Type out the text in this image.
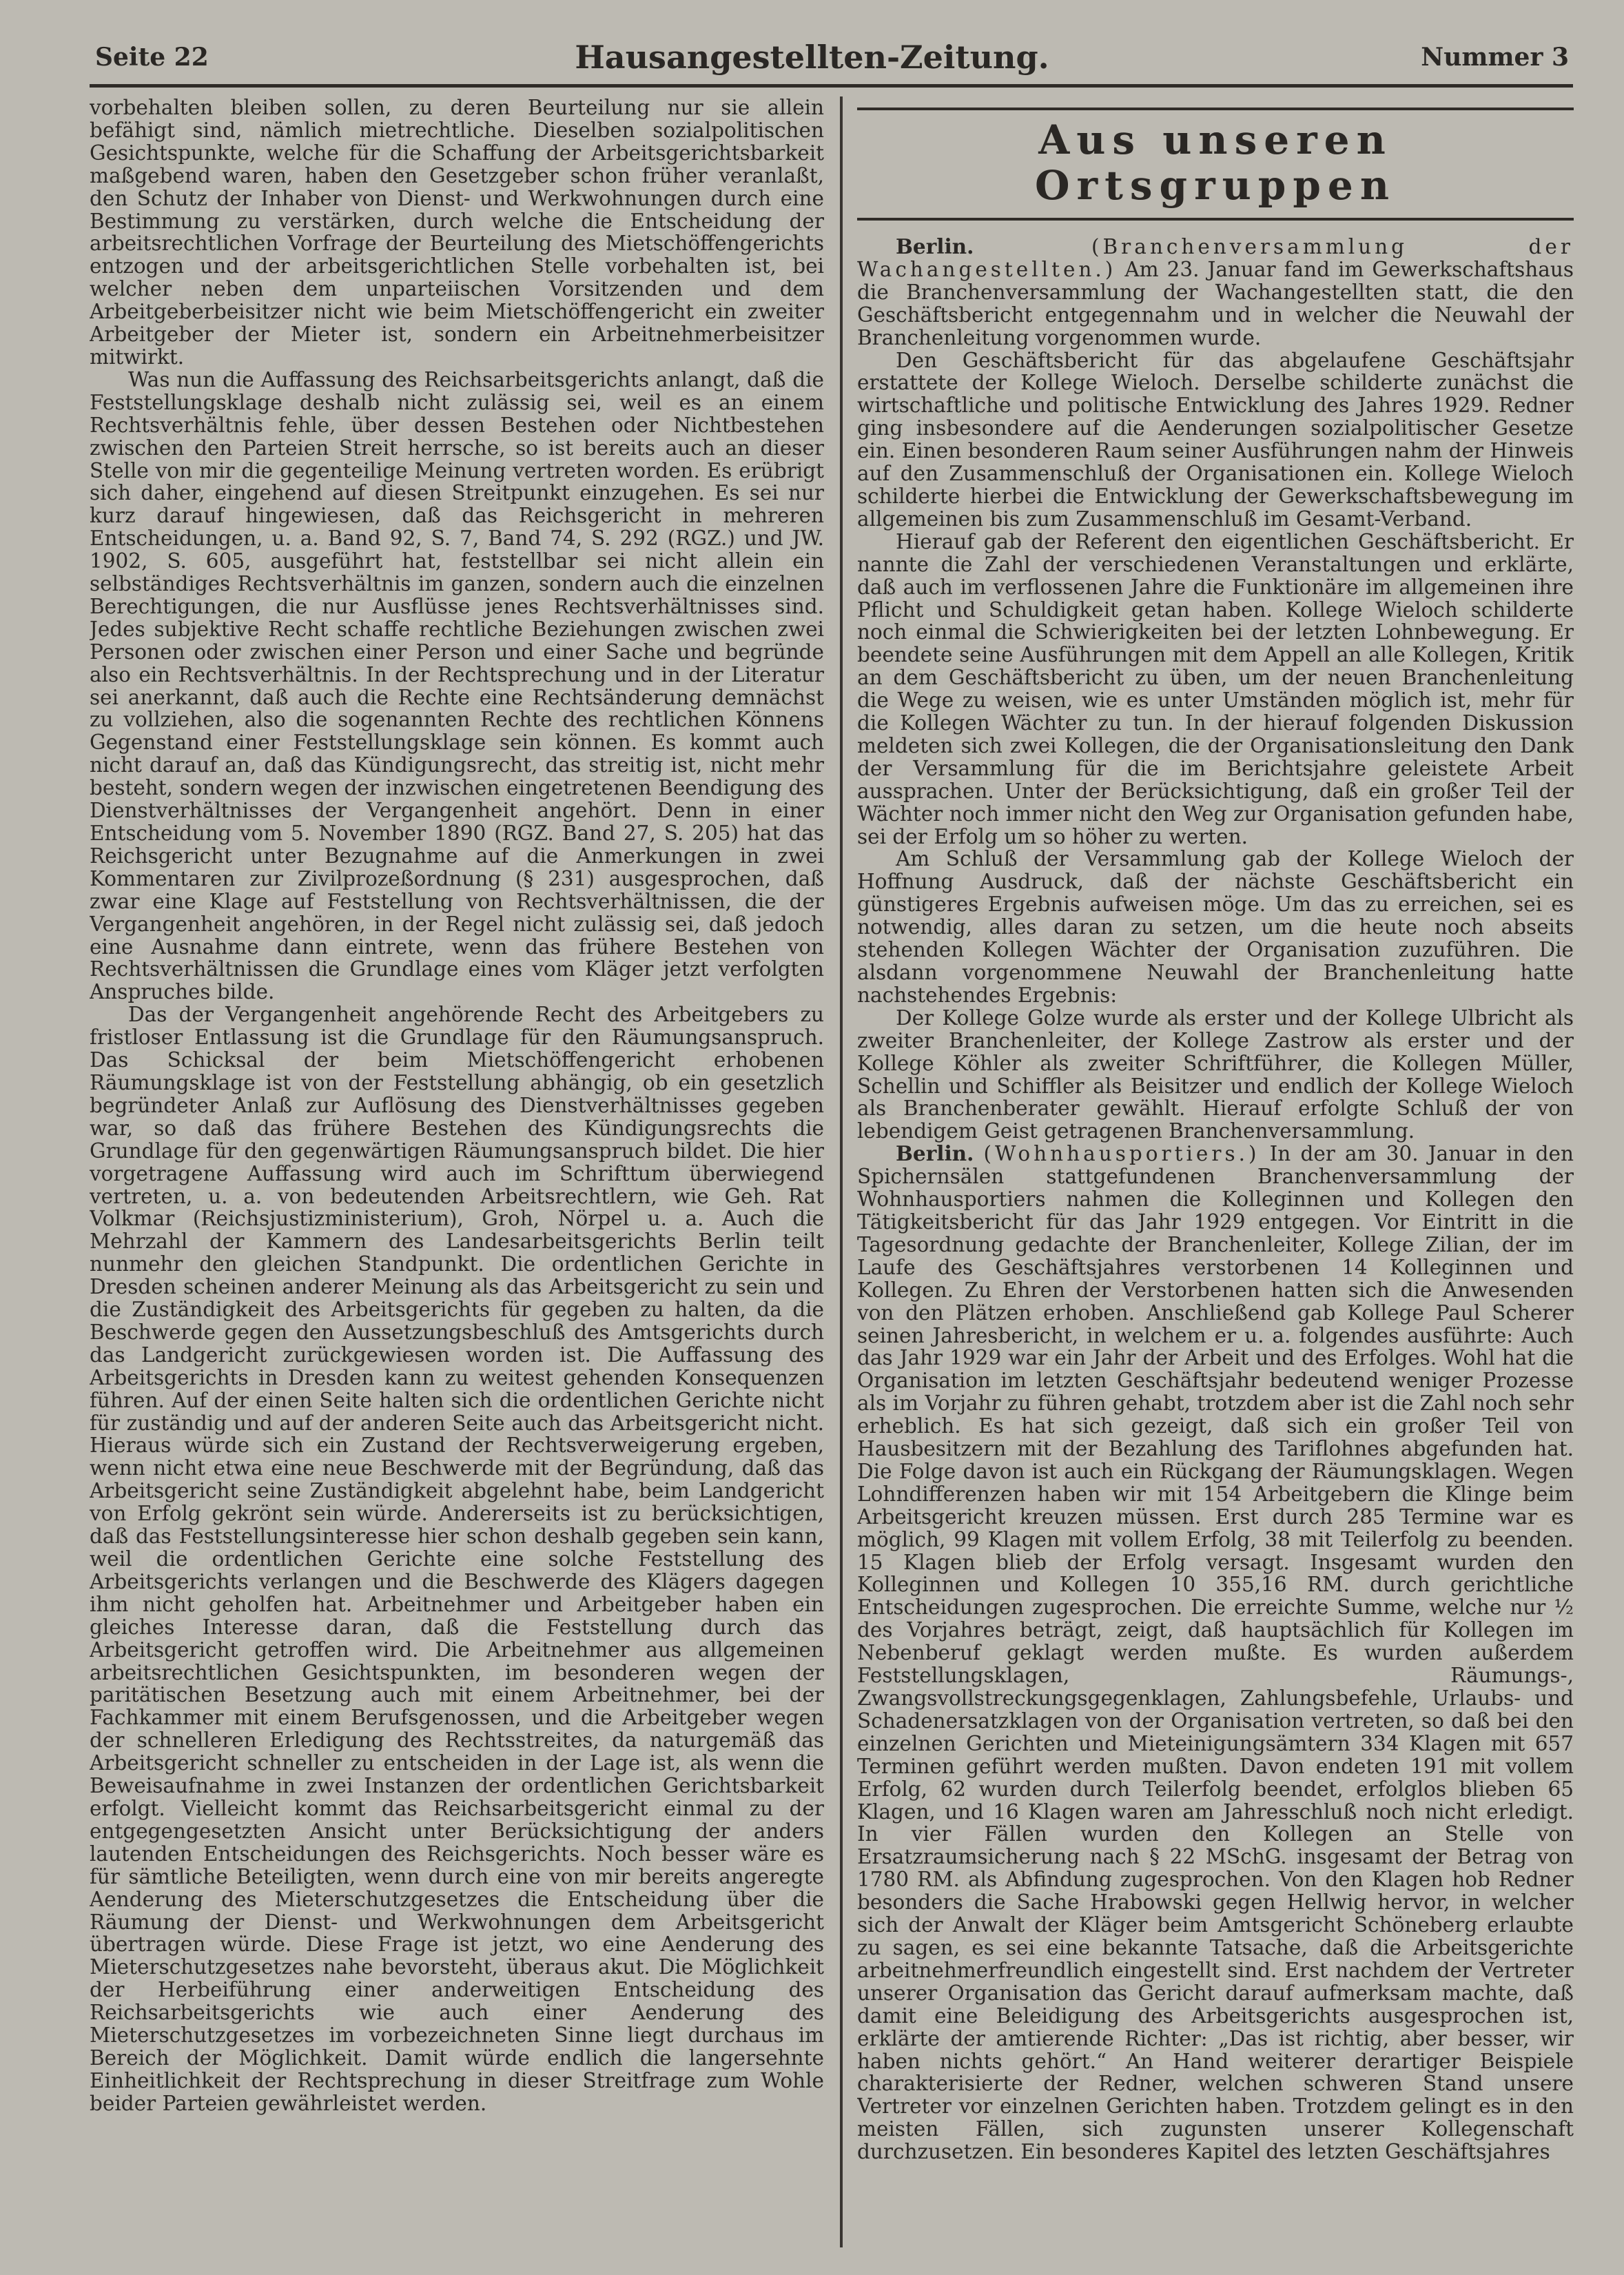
Seite 22	Hausangestellten-Zeitung.	Nummer 3

vorbehalten bleiben sollen, zu deren Beurteilung nur sie allein befähigt sind, nämlich mietrechtliche. Dieselben sozialpolitischen Gesichtspunkte, welche für die Schaffung der Arbeitsgerichtsbarkeit maßgebend waren, haben den Gesetzgeber schon früher veranlaßt, den Schutz der Inhaber von Dienst- und Werkwohnungen durch eine Bestimmung zu verstärken, durch welche die Entscheidung der arbeitsrechtlichen Vorfrage der Beurteilung des Mietschöffengerichts entzogen und der arbeitsgerichtlichen Stelle vorbehalten ist, bei welcher neben dem unparteiischen Vorsitzenden und dem Arbeitgeberbeisitzer nicht wie beim Mietschöffengericht ein zweiter Arbeitgeber der Mieter ist, sondern ein Arbeitnehmerbeisitzer mitwirkt.

Was nun die Auffassung des Reichsarbeitsgerichts anlangt, daß die Feststellungsklage deshalb nicht zulässig sei, weil es an einem Rechtsverhältnis fehle, über dessen Bestehen oder Nichtbestehen zwischen den Parteien Streit herrsche, so ist bereits auch an dieser Stelle von mir die gegenteilige Meinung vertreten worden. Es erübrigt sich daher, eingehend auf diesen Streitpunkt einzugehen. Es sei nur kurz darauf hingewiesen, daß das Reichsgericht in mehreren Entscheidungen, u. a. Band 92, S. 7, Band 74, S. 292 (RGZ.) und JW. 1902, S. 605, ausgeführt hat, feststellbar sei nicht allein ein selbständiges Rechtsverhältnis im ganzen, sondern auch die einzelnen Berechtigungen, die nur Ausflüsse jenes Rechtsverhältnisses sind. Jedes subjektive Recht schaffe rechtliche Beziehungen zwischen zwei Personen oder zwischen einer Person und einer Sache und begründe also ein Rechtsverhältnis. In der Rechtsprechung und in der Literatur sei anerkannt, daß auch die Rechte eine Rechtsänderung demnächst zu vollziehen, also die sogenannten Rechte des rechtlichen Könnens Gegenstand einer Feststellungsklage sein können. Es kommt auch nicht darauf an, daß das Kündigungsrecht, das streitig ist, nicht mehr besteht, sondern wegen der inzwischen eingetretenen Beendigung des Dienstverhältnisses der Vergangenheit angehört. Denn in einer Entscheidung vom 5. November 1890 (RGZ. Band 27, S. 205) hat das Reichsgericht unter Bezugnahme auf die Anmerkungen in zwei Kommentaren zur Zivilprozeßordnung (§ 231) ausgesprochen, daß zwar eine Klage auf Feststellung von Rechtsverhältnissen, die der Vergangenheit angehören, in der Regel nicht zulässig sei, daß jedoch eine Ausnahme dann eintrete, wenn das frühere Bestehen von Rechtsverhältnissen die Grundlage eines vom Kläger jetzt verfolgten Anspruches bilde.

Das der Vergangenheit angehörende Recht des Arbeitgebers zu fristloser Entlassung ist die Grundlage für den Räumungsanspruch. Das Schicksal der beim Mietschöffengericht erhobenen Räumungsklage ist von der Feststellung abhängig, ob ein gesetzlich begründeter Anlaß zur Auflösung des Dienstverhältnisses gegeben war, so daß das frühere Bestehen des Kündigungsrechts die Grundlage für den gegenwärtigen Räumungsanspruch bildet. Die hier vorgetragene Auffassung wird auch im Schrifttum überwiegend vertreten, u. a. von bedeutenden Arbeitsrechtlern, wie Geh. Rat Volkmar (Reichsjustizministerium), Groh, Nörpel u. a. Auch die Mehrzahl der Kammern des Landesarbeitsgerichts Berlin teilt nunmehr den gleichen Standpunkt. Die ordentlichen Gerichte in Dresden scheinen anderer Meinung als das Arbeitsgericht zu sein und die Zuständigkeit des Arbeitsgerichts für gegeben zu halten, da die Beschwerde gegen den Aussetzungsbeschluß des Amtsgerichts durch das Landgericht zurückgewiesen worden ist. Die Auffassung des Arbeitsgerichts in Dresden kann zu weitest gehenden Konsequenzen führen. Auf der einen Seite halten sich die ordentlichen Gerichte nicht für zuständig und auf der anderen Seite auch das Arbeitsgericht nicht. Hieraus würde sich ein Zustand der Rechtsverweigerung ergeben, wenn nicht etwa eine neue Beschwerde mit der Begründung, daß das Arbeitsgericht seine Zuständigkeit abgelehnt habe, beim Landgericht von Erfolg gekrönt sein würde. Andererseits ist zu berücksichtigen, daß das Feststellungsinteresse hier schon deshalb gegeben sein kann, weil die ordentlichen Gerichte eine solche Feststellung des Arbeitsgerichts verlangen und die Beschwerde des Klägers dagegen ihm nicht geholfen hat. Arbeitnehmer und Arbeitgeber haben ein gleiches Interesse daran, daß die Feststellung durch das Arbeitsgericht getroffen wird. Die Arbeitnehmer aus allgemeinen arbeitsrechtlichen Gesichtspunkten, im besonderen wegen der paritätischen Besetzung auch mit einem Arbeitnehmer, bei der Fachkammer mit einem Berufsgenossen, und die Arbeitgeber wegen der schnelleren Erledigung des Rechtsstreites, da naturgemäß das Arbeitsgericht schneller zu entscheiden in der Lage ist, als wenn die Beweisaufnahme in zwei Instanzen der ordentlichen Gerichtsbarkeit erfolgt. Vielleicht kommt das Reichsarbeitsgericht einmal zu der entgegengesetzten Ansicht unter Berücksichtigung der anders lautenden Entscheidungen des Reichsgerichts. Noch besser wäre es für sämtliche Beteiligten, wenn durch eine von mir bereits angeregte Aenderung des Mieterschutzgesetzes die Entscheidung über die Räumung der Dienst- und Werkwohnungen dem Arbeitsgericht übertragen würde. Diese Frage ist jetzt, wo eine Aenderung des Mieterschutzgesetzes nahe bevorsteht, überaus akut. Die Möglichkeit der Herbeiführung einer anderweitigen Entscheidung des Reichsarbeitsgerichts wie auch einer Aenderung des Mieterschutzgesetzes im vorbezeichneten Sinne liegt durchaus im Bereich der Möglichkeit. Damit würde endlich die langersehnte Einheitlichkeit der Rechtsprechung in dieser Streitfrage zum Wohle beider Parteien gewährleistet werden.

Aus unseren Ortsgruppen

Berlin.	(Branchenversammlung der Wachangestellten.) Am 23. Januar fand im Gewerkschaftshaus die Branchenversammlung der Wachangestellten statt, die den Geschäftsbericht entgegennahm und in welcher die Neuwahl der Branchenleitung vorgenommen wurde.

Den Geschäftsbericht für das abgelaufene Geschäftsjahr erstattete der Kollege Wieloch. Derselbe schilderte zunächst die wirtschaftliche und politische Entwicklung des Jahres 1929. Redner ging insbesondere auf die Aenderungen sozialpolitischer Gesetze ein. Einen besonderen Raum seiner Ausführungen nahm der Hinweis auf den Zusammenschluß der Organisationen ein. Kollege Wieloch schilderte hierbei die Entwicklung der Gewerkschaftsbewegung im allgemeinen bis zum Zusammenschluß im Gesamt-Verband.

Hierauf gab der Referent den eigentlichen Geschäftsbericht. Er nannte die Zahl der verschiedenen Veranstaltungen und erklärte, daß auch im verflossenen Jahre die Funktionäre im allgemeinen ihre Pflicht und Schuldigkeit getan haben. Kollege Wieloch schilderte noch einmal die Schwierigkeiten bei der letzten Lohnbewegung. Er beendete seine Ausführungen mit dem Appell an alle Kollegen, Kritik an dem Geschäftsbericht zu üben, um der neuen Branchenleitung die Wege zu weisen, wie es unter Umständen möglich ist, mehr für die Kollegen Wächter zu tun. In der hierauf folgenden Diskussion meldeten sich zwei Kollegen, die der Organisationsleitung den Dank der Versammlung für die im Berichtsjahre geleistete Arbeit aussprachen. Unter der Berücksichtigung, daß ein großer Teil der Wächter noch immer nicht den Weg zur Organisation gefunden habe, sei der Erfolg um so höher zu werten.

Am Schluß der Versammlung gab der Kollege Wieloch der Hoffnung Ausdruck, daß der nächste Geschäftsbericht ein günstigeres Ergebnis aufweisen möge. Um das zu erreichen, sei es notwendig, alles daran zu setzen, um die heute noch abseits stehenden Kollegen Wächter der Organisation zuzuführen. Die alsdann vorgenommene Neuwahl der Branchenleitung hatte nachstehendes Ergebnis:

Der Kollege Golze wurde als erster und der Kollege Ulbricht als zweiter Branchenleiter, der Kollege Zastrow als erster und der Kollege Köhler als zweiter Schriftführer, die Kollegen Müller, Schellin und Schiffler als Beisitzer und endlich der Kollege Wieloch als Branchenberater gewählt. Hierauf erfolgte Schluß der von lebendigem Geist getragenen Branchenversammlung.

Berlin. (Wohnhausportiers.) In der am 30. Januar in den Spichernsälen stattgefundenen Branchenversammlung der Wohnhausportiers nahmen die Kolleginnen und Kollegen den Tätigkeitsbericht für das Jahr 1929 entgegen. Vor Eintritt in die Tagesordnung gedachte der Branchenleiter, Kollege Zilian, der im Laufe des Geschäftsjahres verstorbenen 14 Kolleginnen und Kollegen. Zu Ehren der Verstorbenen hatten sich die Anwesenden von den Plätzen erhoben. Anschließend gab Kollege Paul Scherer seinen Jahresbericht, in welchem er u. a. folgendes ausführte: Auch das Jahr 1929 war ein Jahr der Arbeit und des Erfolges. Wohl hat die Organisation im letzten Geschäftsjahr bedeutend weniger Prozesse als im Vorjahr zu führen gehabt, trotzdem aber ist die Zahl noch sehr erheblich. Es hat sich gezeigt, daß sich ein großer Teil von Hausbesitzern mit der Bezahlung des Tariflohnes abgefunden hat. Die Folge davon ist auch ein Rückgang der Räumungsklagen. Wegen Lohndifferenzen haben wir mit 154 Arbeitgebern die Klinge beim Arbeitsgericht kreuzen müssen. Erst durch 285 Termine war es möglich, 99 Klagen mit vollem Erfolg, 38 mit Teilerfolg zu beenden. 15 Klagen blieb der Erfolg versagt. Insgesamt wurden den Kolleginnen und Kollegen 10 355,16 RM. durch gerichtliche Entscheidungen zugesprochen. Die erreichte Summe, welche nur ½ des Vorjahres beträgt, zeigt, daß hauptsächlich für Kollegen im Nebenberuf geklagt werden mußte. Es wurden außerdem Feststellungsklagen, Räumungs-, Zwangsvollstreckungsgegenklagen, Zahlungsbefehle, Urlaubs- und Schadenersatzklagen von der Organisation vertreten, so daß bei den einzelnen Gerichten und Mieteinigungsämtern 334 Klagen mit 657 Terminen geführt werden mußten. Davon endeten 191 mit vollem Erfolg, 62 wurden durch Teilerfolg beendet, erfolglos blieben 65 Klagen, und 16 Klagen waren am Jahresschluß noch nicht erledigt. In vier Fällen wurden den Kollegen an Stelle von Ersatzraumsicherung nach § 22 MSchG. insgesamt der Betrag von 1780 RM. als Abfindung zugesprochen. Von den Klagen hob Redner besonders die Sache Hrabowski gegen Hellwig hervor, in welcher sich der Anwalt der Kläger beim Amtsgericht Schöneberg erlaubte zu sagen, es sei eine bekannte Tatsache, daß die Arbeitsgerichte arbeitnehmerfreundlich eingestellt sind. Erst nachdem der Vertreter unserer Organisation das Gericht darauf aufmerksam machte, daß damit eine Beleidigung des Arbeitsgerichts ausgesprochen ist, erklärte der amtierende Richter: „Das ist richtig, aber besser, wir haben nichts gehört.“ An Hand weiterer derartiger Beispiele charakterisierte der Redner, welchen schweren Stand unsere Vertreter vor einzelnen Gerichten haben. Trotzdem gelingt es in den meisten Fällen, sich zugunsten unserer Kollegenschaft durchzusetzen. Ein besonderes Kapitel des letzten Geschäftsjahres
